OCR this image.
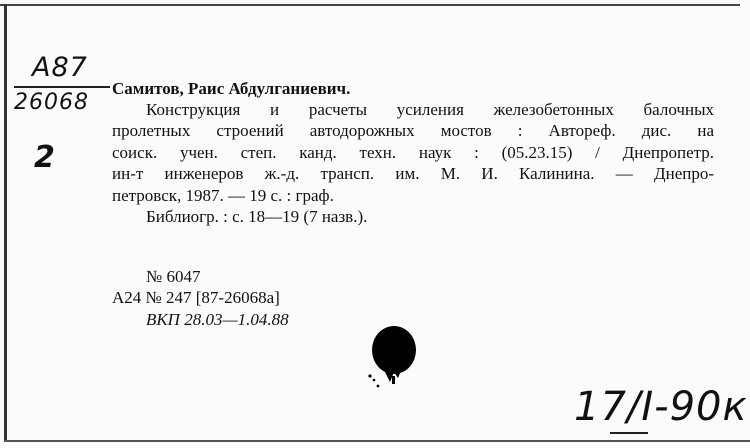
А87
26068
2
Самитов, Раис Абдулганиевич.
Конструкция и расчеты усиления железобетонных балочных
пролетных строений автодорожных мостов : Автореф. дис. на
соиск. учен. степ. канд. техн. наук : (05.23.15) / Днепропетр.
ин-т инженеров ж.-д. трансп. им. М. И. Калинина. — Днепро-
петровск, 1987. — 19 с. : граф.
Библиогр. : с. 18—19 (7 назв.).
№ 6047
А24 № 247 [87-26068а]
ВКП 28.03—1.04.88
17/I-90к
